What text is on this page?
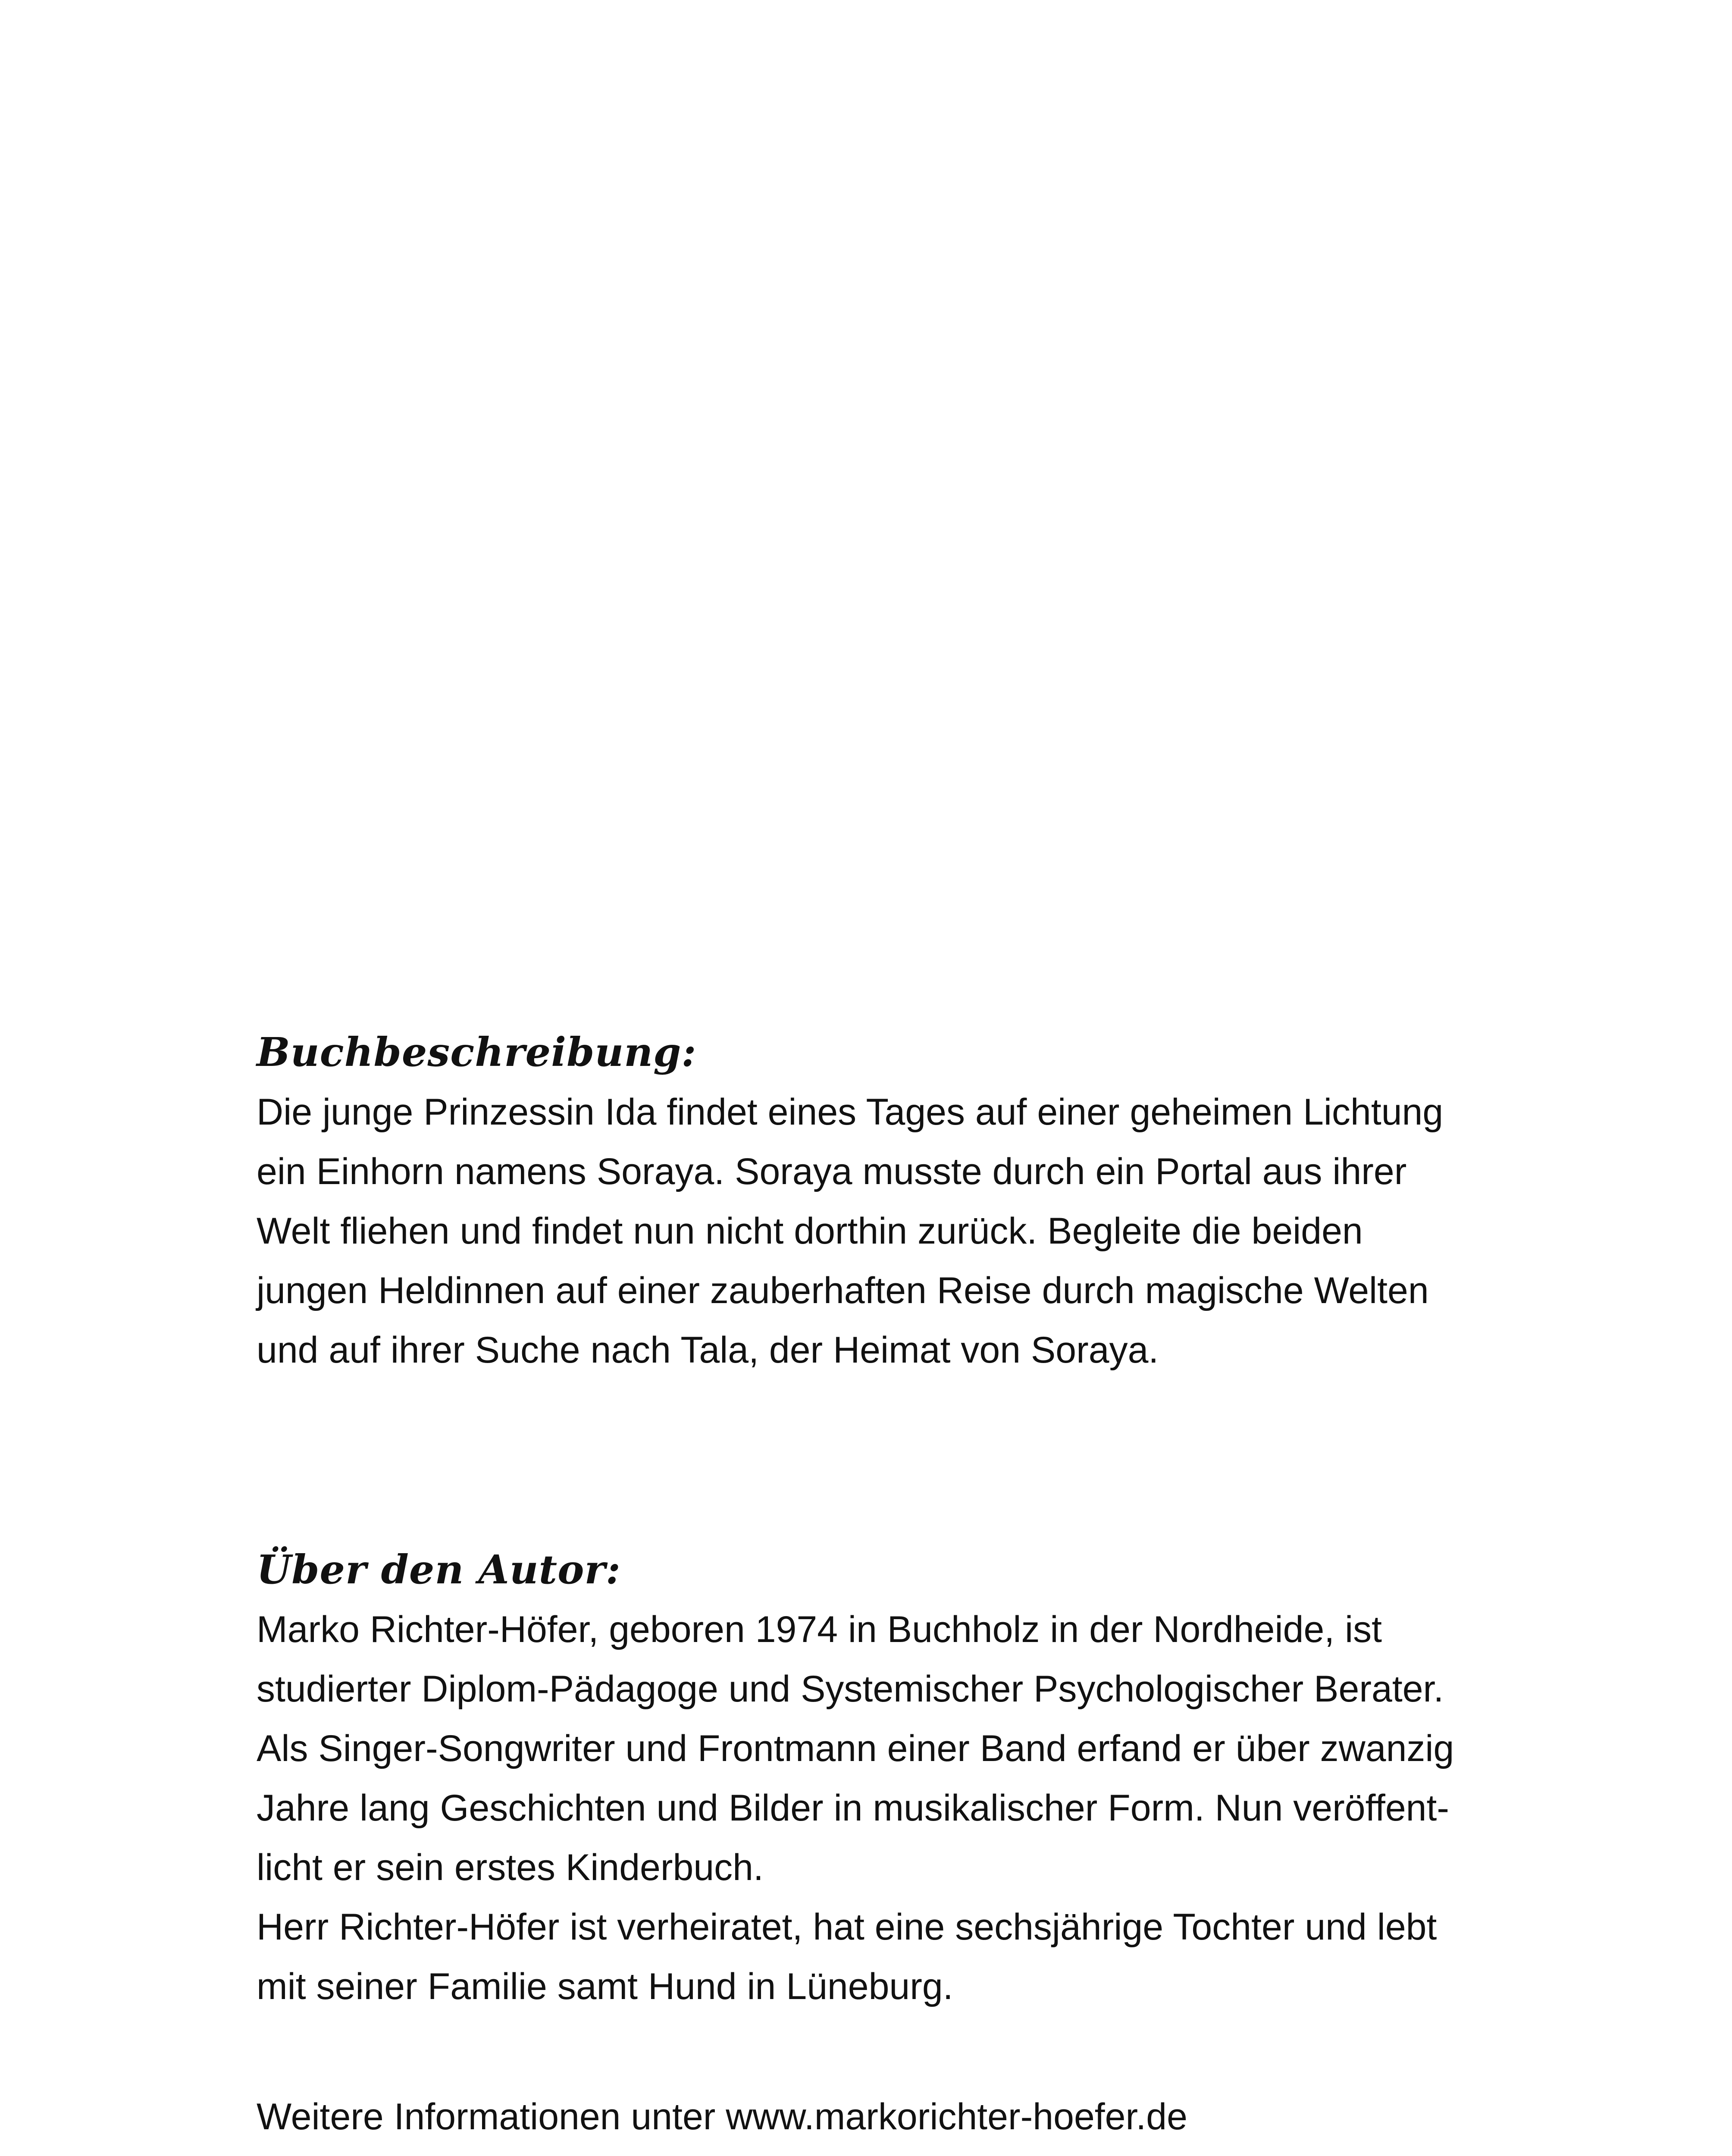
Buchbeschreibung:

Die junge Prinzessin Ida findet eines Tages auf einer geheimen Lichtung

ein Einhorn namens Soraya. Soraya musste durch ein Portal aus ihrer

Welt fliehen und findet nun nicht dorthin zurück. Begleite die beiden

jungen Heldinnen auf einer zauberhaften Reise durch magische Welten

und auf ihrer Suche nach Tala, der Heimat von Soraya.

Über den Autor:

Marko Richter-Höfer, geboren 1974 in Buchholz in der Nordheide, ist

studierter Diplom-Pädagoge und Systemischer Psychologischer Berater.

Als Singer-Songwriter und Frontmann einer Band erfand er über zwanzig

Jahre lang Geschichten und Bilder in musikalischer Form. Nun veröffent-

licht er sein erstes Kinderbuch.

Herr Richter-Höfer ist verheiratet, hat eine sechsjährige Tochter und lebt

mit seiner Familie samt Hund in Lüneburg.

Weitere Informationen unter www.markorichter-hoefer.de
